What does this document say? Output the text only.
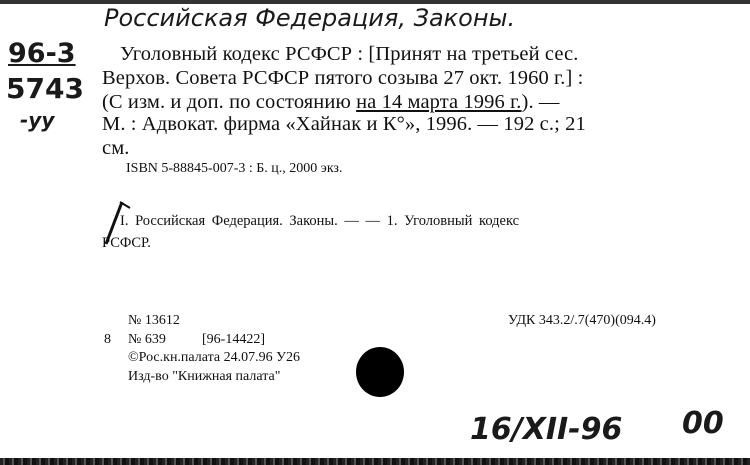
Российская Федерация, Законы.
96-3
5743
-уу
Уголовный кодекс РСФСР : [Принят на третьей сес.
Верхов. Совета РСФСР пятого созыва 27 окт. 1960 г.] :
(С изм. и доп. по состоянию на 14 марта 1996 г.). —
М. : Адвокат. фирма «Хайнак и К°», 1996. — 192 с.; 21
см.
ISBN 5-88845-007-3 : Б. ц., 2000 экз.
I. Российская Федерация. Законы. — — 1. Уголовный кодекс
РСФСР.
№ 13612	УДК 343.2/.7(470)(094.4)
8 № 639	[96-14422]
©Рос.кн.палата 24.07.96 У26
Изд-во "Книжная палата"
16/XII-96 00
